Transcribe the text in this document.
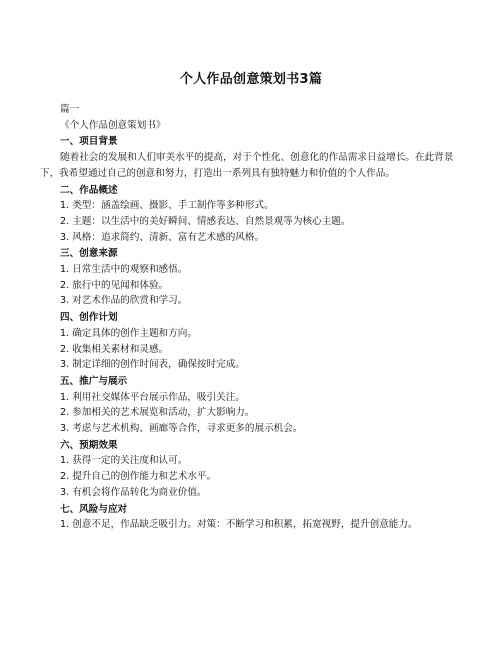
个人作品创意策划书3篇
篇一
《个人作品创意策划书》
一、项目背景

随着社会的发展和人们审美水平的提高，对于个性化、创意化的作品需求日益增长。在此背景下，我希望通过自己的创意和努力，打造出一系列具有独特魅力和价值的个人作品。

二、作品概述
1. 类型：涵盖绘画、摄影、手工制作等多种形式。
2. 主题：以生活中的美好瞬间、情感表达、自然景观等为核心主题。
3. 风格：追求简约、清新、富有艺术感的风格。
三、创意来源
1. 日常生活中的观察和感悟。
2. 旅行中的见闻和体验。
3. 对艺术作品的欣赏和学习。
四、创作计划
1. 确定具体的创作主题和方向。
2. 收集相关素材和灵感。
3. 制定详细的创作时间表，确保按时完成。
五、推广与展示
1. 利用社交媒体平台展示作品，吸引关注。
2. 参加相关的艺术展览和活动，扩大影响力。
3. 考虑与艺术机构、画廊等合作，寻求更多的展示机会。
六、预期效果
1. 获得一定的关注度和认可。
2. 提升自己的创作能力和艺术水平。
3. 有机会将作品转化为商业价值。
七、风险与应对
1. 创意不足，作品缺乏吸引力。对策：不断学习和积累，拓宽视野，提升创意能力。
